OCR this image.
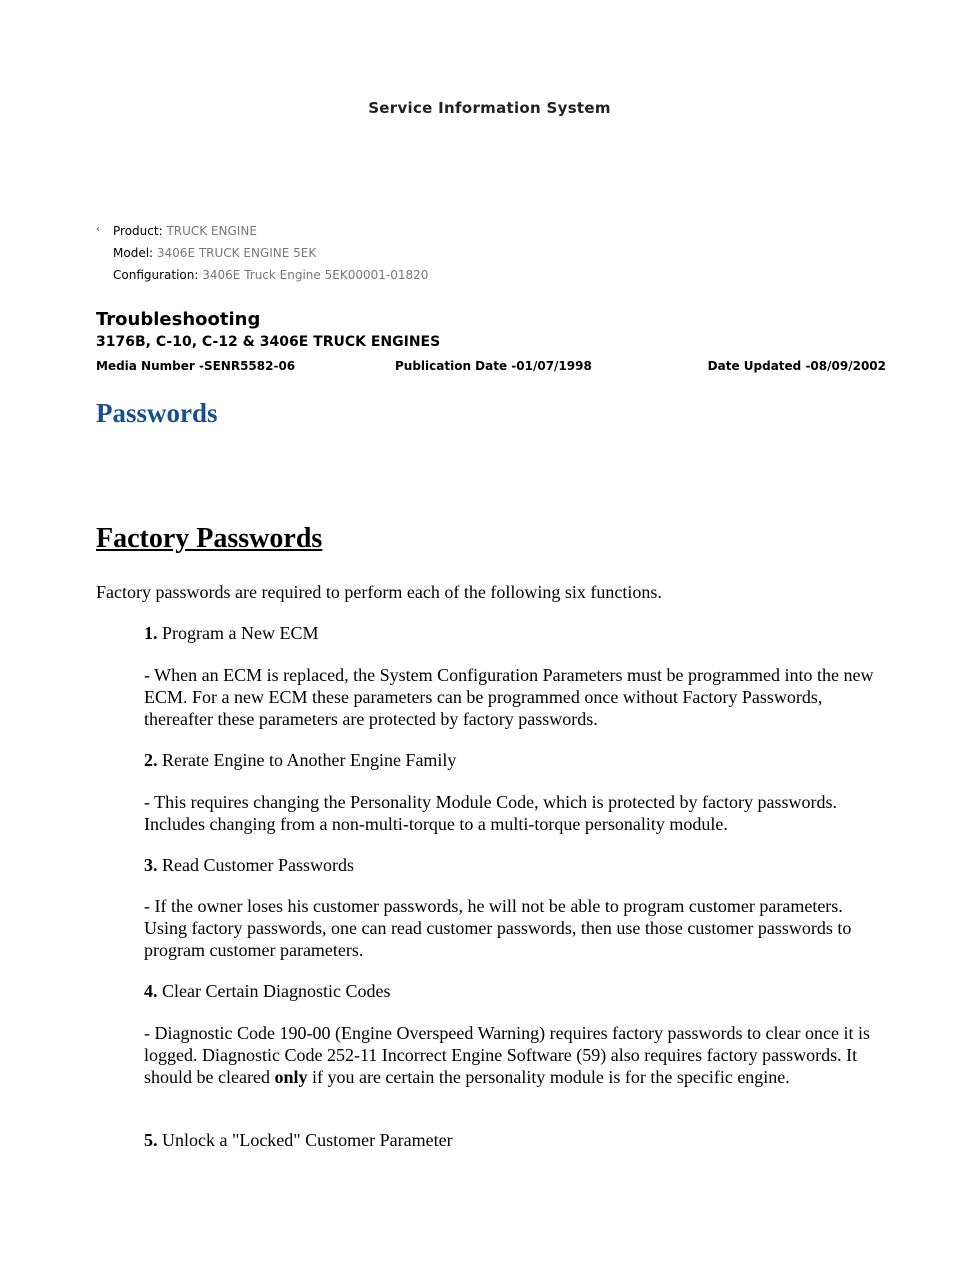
Service Information System
‹	Product: TRUCK ENGINE
Model: 3406E TRUCK ENGINE 5EK
Configuration: 3406E Truck Engine 5EK00001-01820
Troubleshooting
3176B, C-10, C-12 & 3406E TRUCK ENGINES
Media Number -SENR5582-06	Publication Date -01/07/1998	Date Updated -08/09/2002
Passwords
Factory Passwords
Factory passwords are required to perform each of the following six functions.
1. Program a New ECM
- When an ECM is replaced, the System Configuration Parameters must be programmed into the new ECM. For a new ECM these parameters can be programmed once without Factory Passwords, thereafter these parameters are protected by factory passwords.
2. Rerate Engine to Another Engine Family
- This requires changing the Personality Module Code, which is protected by factory passwords. Includes changing from a non-multi-torque to a multi-torque personality module.
3. Read Customer Passwords
- If the owner loses his customer passwords, he will not be able to program customer parameters. Using factory passwords, one can read customer passwords, then use those customer passwords to program customer parameters.
4. Clear Certain Diagnostic Codes
- Diagnostic Code 190-00 (Engine Overspeed Warning) requires factory passwords to clear once it is logged. Diagnostic Code 252-11 Incorrect Engine Software (59) also requires factory passwords. It should be cleared only if you are certain the personality module is for the specific engine.
5. Unlock a "Locked" Customer Parameter
